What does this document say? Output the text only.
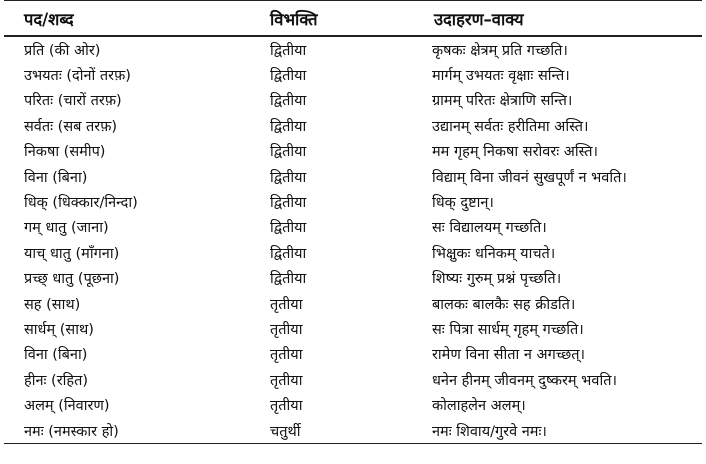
पद/शब्द	विभक्ति	उदाहरण–वाक्य
प्रति (की ओर)	द्वितीया	कृषकः क्षेत्रम् प्रति गच्छति।
उभयतः (दोनों तरफ़)	द्वितीया	मार्गम् उभयतः वृक्षाः सन्ति।
परितः (चारों तरफ़)	द्वितीया	ग्रामम् परितः क्षेत्राणि सन्ति।
सर्वतः (सब तरफ़)	द्वितीया	उद्यानम् सर्वतः हरीतिमा अस्ति।
निकषा (समीप)	द्वितीया	मम गृहम् निकषा सरोवरः अस्ति।
विना (बिना)	द्वितीया	विद्याम् विना जीवनं सुखपूर्णं न भवति।
धिक् (धिक्कार/निन्दा)	द्वितीया	धिक् दुष्टान्।
गम् धातु (जाना)	द्वितीया	सः विद्यालयम् गच्छति।
याच् धातु (माँगना)	द्वितीया	भिक्षुकः धनिकम् याचते।
प्रच्छ् धातु (पूछना)	द्वितीया	शिष्यः गुरुम् प्रश्नं पृच्छति।
सह (साथ)	तृतीया	बालकः बालकैः सह क्रीडति।
सार्धम् (साथ)	तृतीया	सः पित्रा सार्धम् गृहम् गच्छति।
विना (बिना)	तृतीया	रामेण विना सीता न अगच्छत्।
हीनः (रहित)	तृतीया	धनेन हीनम् जीवनम् दुष्करम् भवति।
अलम् (निवारण)	तृतीया	कोलाहलेन अलम्।
नमः (नमस्कार हो)	चतुर्थी	नमः शिवाय/गुरवे नमः।
